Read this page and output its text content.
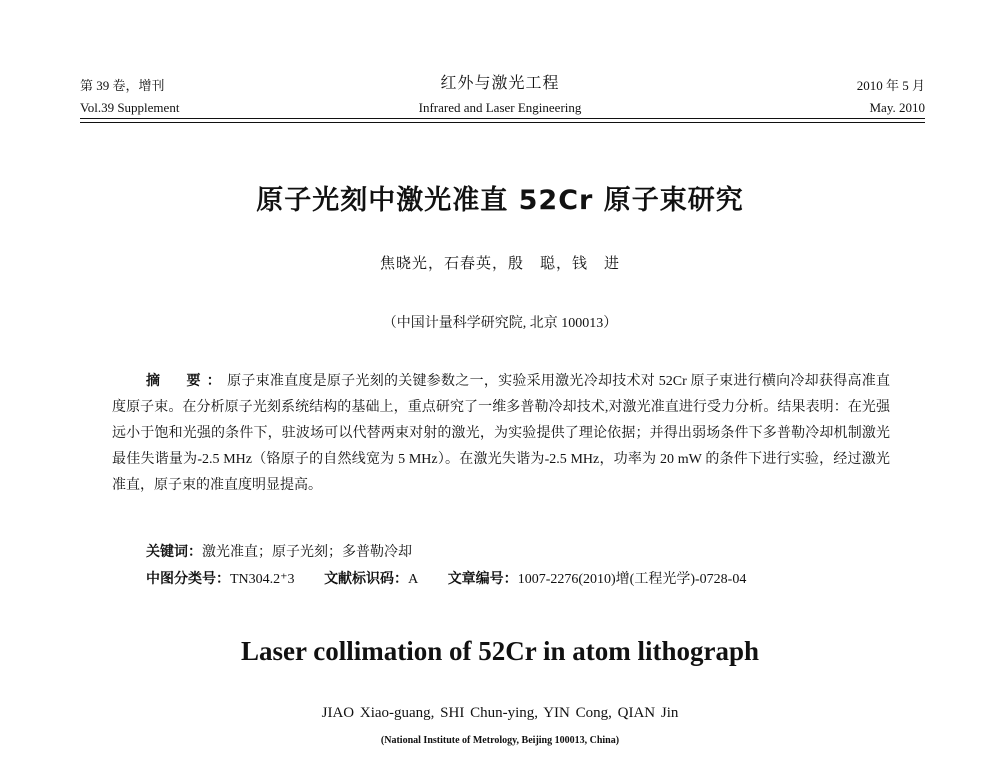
第 39 卷，增刊
Vol.39 Supplement
红外与激光工程
Infrared and Laser Engineering
2010 年 5 月
May. 2010
原子光刻中激光准直 52Cr 原子束研究
焦晓光，石春英，殷　聪，钱　进
（中国计量科学研究院, 北京 100013）

摘　要：原子束准直度是原子光刻的关键参数之一，实验采用激光冷却技术对 52Cr 原子束进行横向冷却获得高准直度原子束。在分析原子光刻系统结构的基础上，重点研究了一维多普勒冷却技术,对激光准直进行受力分析。结果表明：在光强远小于饱和光强的条件下，驻波场可以代替两束对射的激光，为实验提供了理论依据；并得出弱场条件下多普勒冷却机制激光最佳失谐量为-2.5 MHz（铬原子的自然线宽为 5 MHz）。在激光失谐为-2.5 MHz，功率为 20 mW 的条件下进行实验，经过激光准直，原子束的准直度明显提高。

关键词：激光准直；原子光刻；多普勒冷却
中图分类号：TN304.2⁺3 文献标识码：A 文章编号：1007-2276(2010)增(工程光学)-0728-04
Laser collimation of 52Cr in atom lithograph
JIAO Xiao-guang, SHI Chun-ying, YIN Cong, QIAN Jin
(National Institute of Metrology, Beijing 100013, China)
